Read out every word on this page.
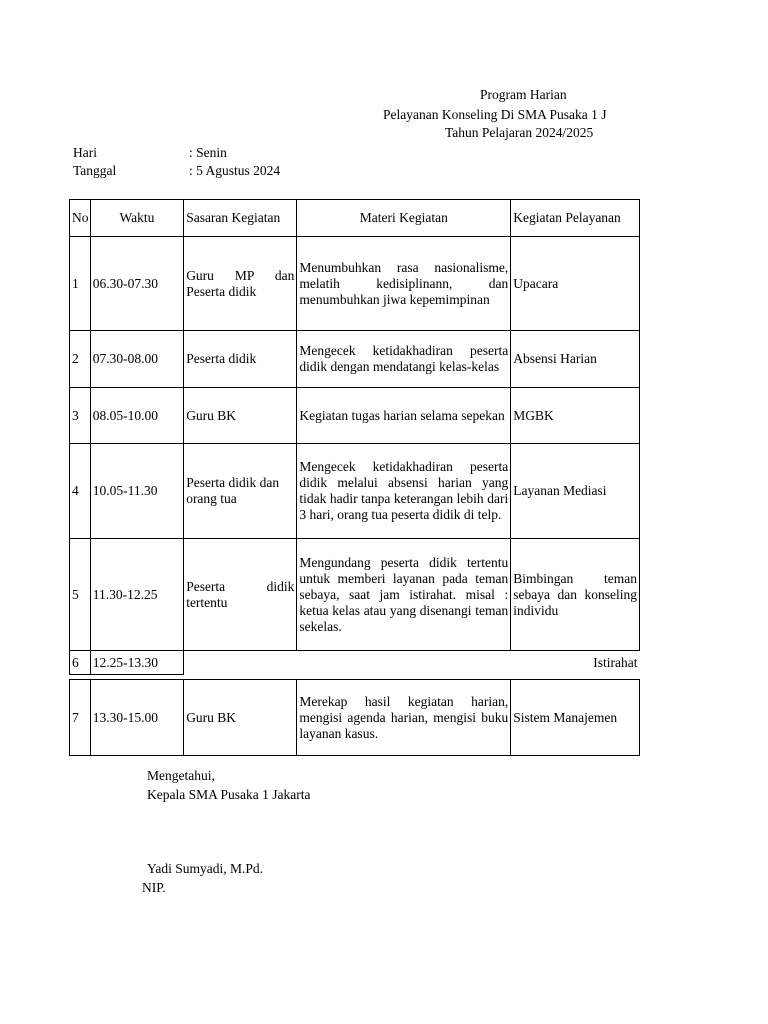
Program Harian
Pelayanan Konseling Di SMA Pusaka 1 J
Tahun Pelajaran 2024/2025
Hari	: Senin
Tanggal	: 5 Agustus 2024
No	Waktu	Sasaran Kegiatan	Materi Kegiatan	Kegiatan Pelayanan
1	06.30-07.30	Guru MP dan Peserta didik	Menumbuhkan rasa nasionalisme, melatih kedisiplinann, dan menumbuhkan jiwa kepemimpinan	Upacara
2	07.30-08.00	Peserta didik	Mengecek ketidakhadiran peserta didik dengan mendatangi kelas-kelas	Absensi Harian
3	08.05-10.00	Guru BK	Kegiatan tugas harian selama sepekan	MGBK
4	10.05-11.30	Peserta didik dan orang tua	Mengecek ketidakhadiran peserta didik melalui absensi harian yang tidak hadir tanpa keterangan lebih dari 3 hari, orang tua peserta didik di telp.	Layanan Mediasi
5	11.30-12.25	Peserta didik tertentu	Mengundang peserta didik tertentu untuk memberi layanan pada teman sebaya, saat jam istirahat. misal : ketua kelas atau yang disenangi teman sekelas.	Bimbingan teman sebaya dan konseling individu
6	12.25-13.30	Istirahat		

7	13.30-15.00	Guru BK	Merekap hasil kegiatan harian, mengisi agenda harian, mengisi buku layanan kasus.	Sistem Manajemen
Mengetahui,
Kepala SMA Pusaka 1 Jakarta
Yadi Sumyadi, M.Pd.
NIP.
